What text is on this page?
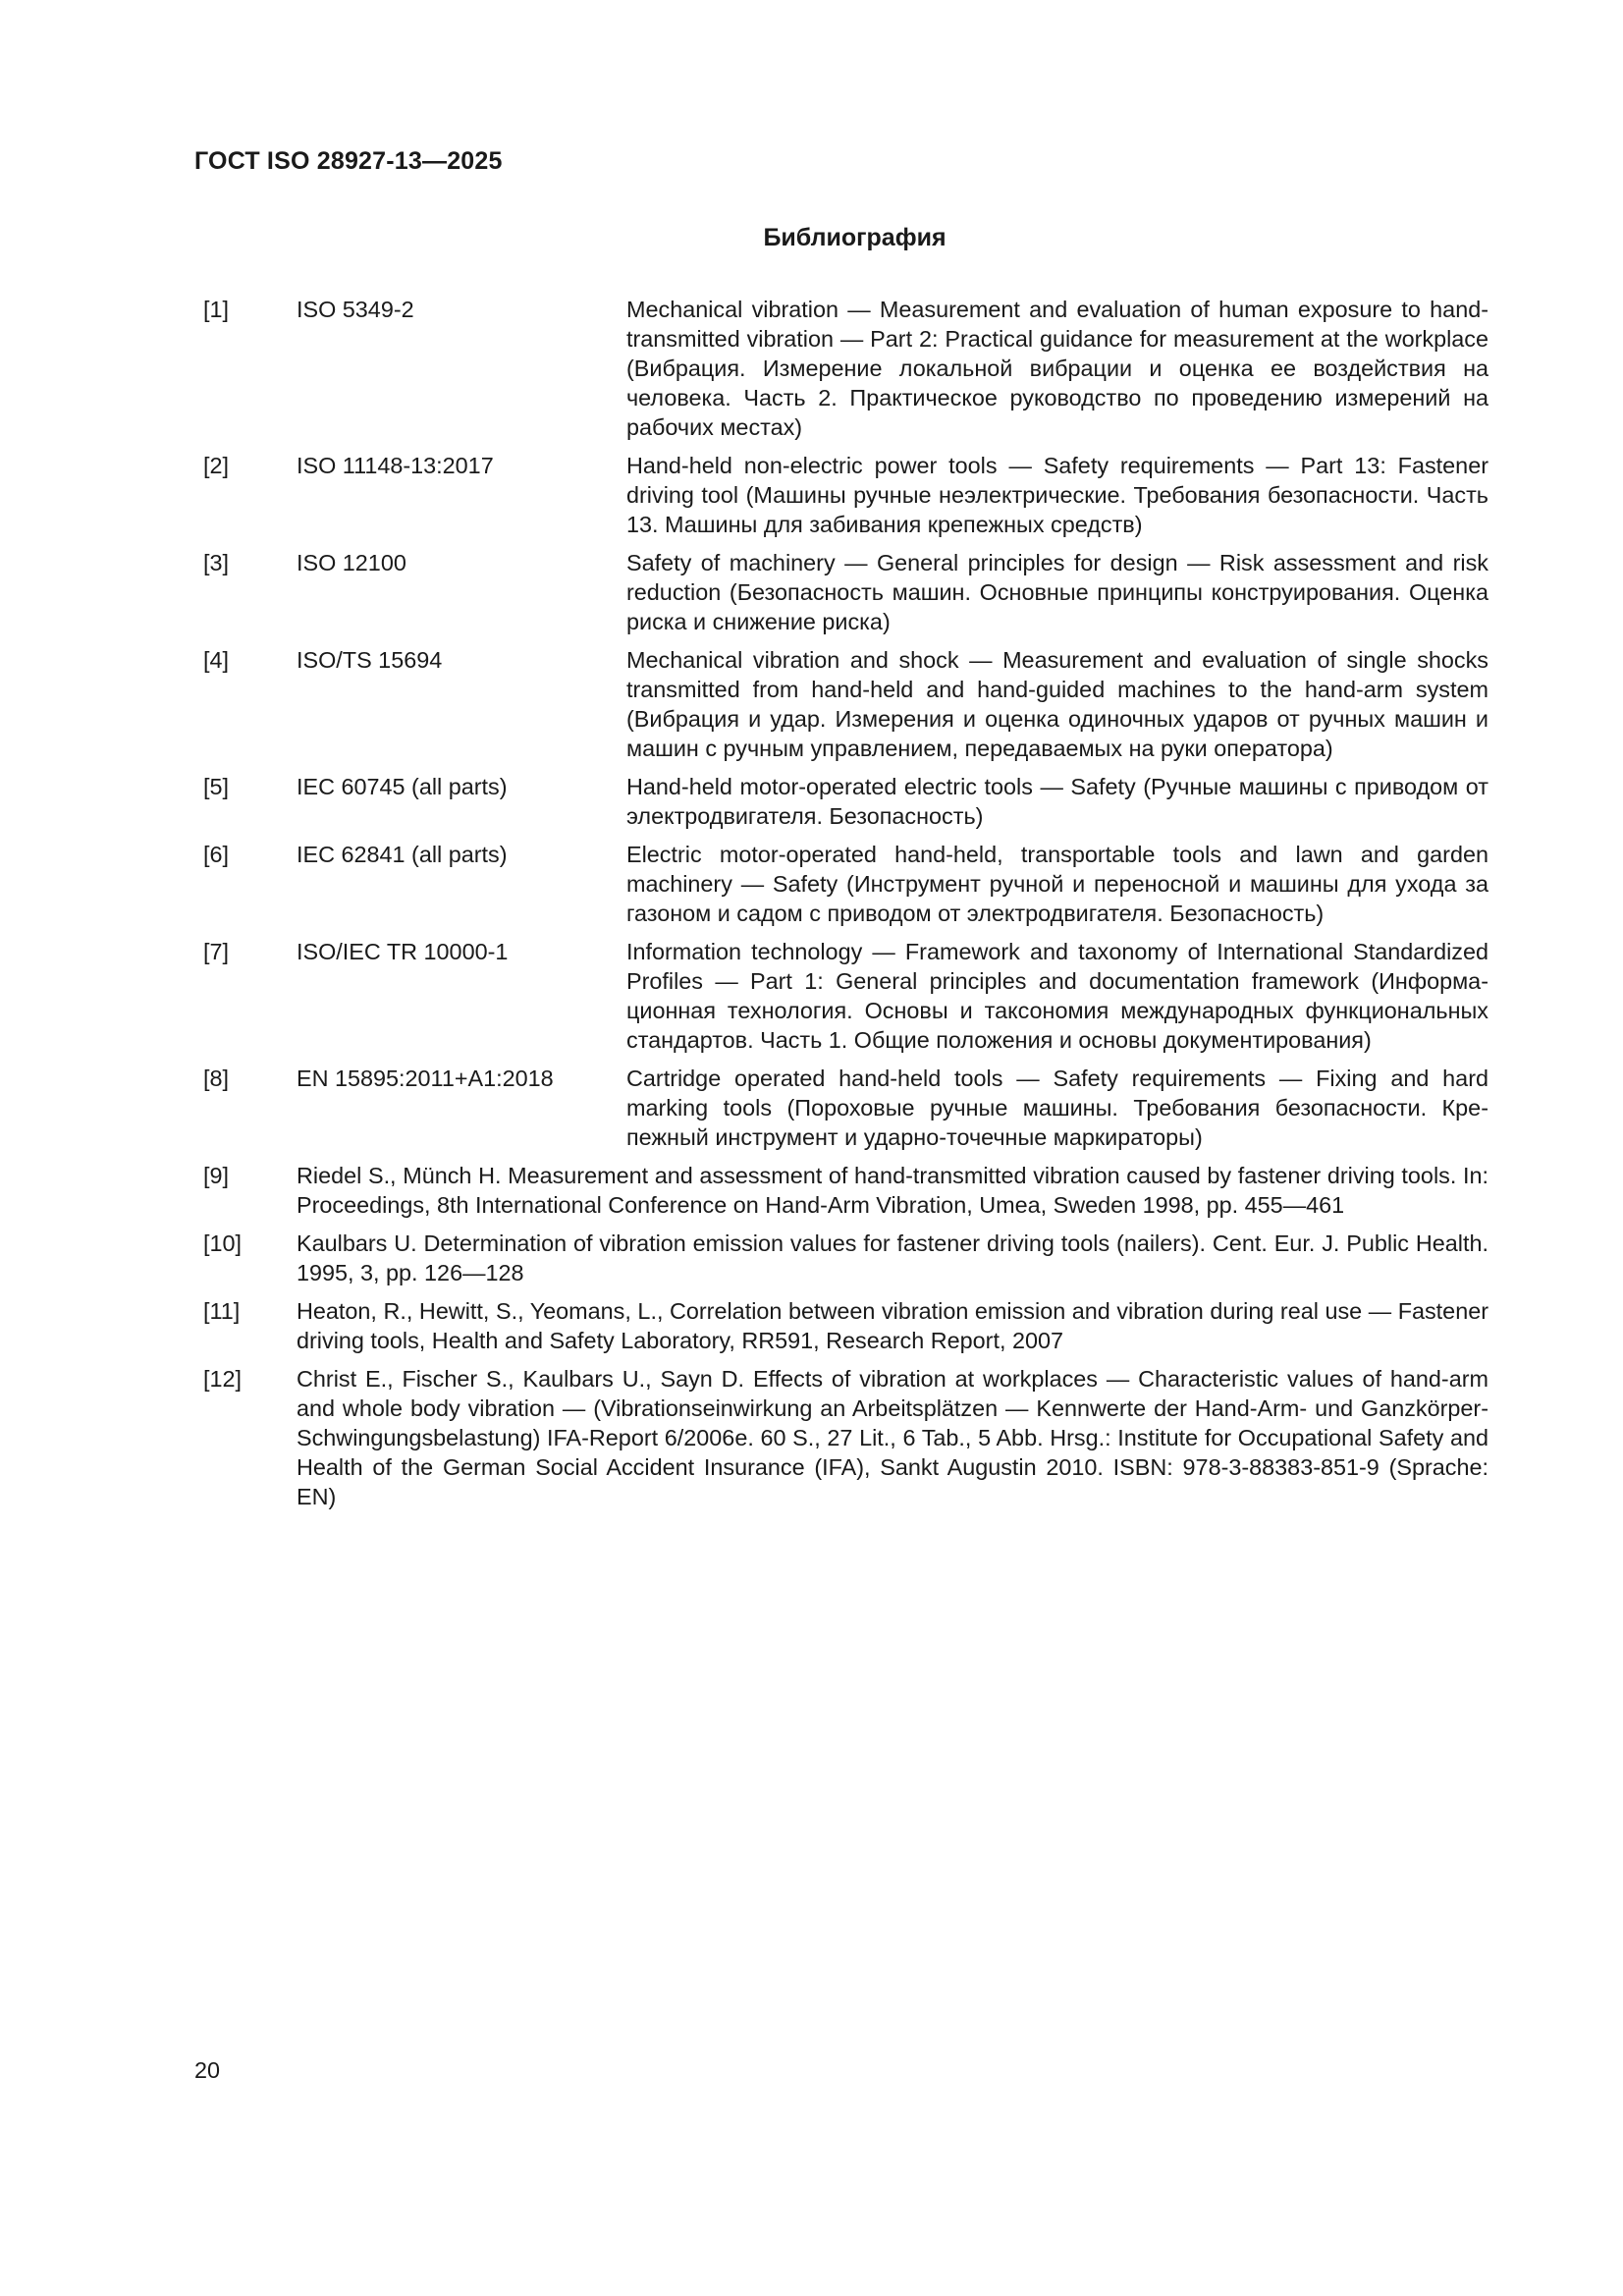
ГОСТ ISO 28927-13—2025
Библиография
[1]	ISO 5349-2	Mechanical vibration — Measurement and evaluation of human exposure to hand-transmitted vibration — Part 2: Practical guidance for measurement at the workplace (Вибрация. Измерение локальной вибрации и оценка ее воздействия на человека. Часть 2. Практическое руководство по проведению измерений на рабочих местах)
[2]	ISO 11148-13:2017	Hand-held non-electric power tools — Safety requirements — Part 13: Fastener driving tool (Машины ручные неэлектрические. Требования безопасности. Часть 13. Машины для забивания крепежных средств)
[3]	ISO 12100	Safety of machinery — General principles for design — Risk assessment and risk reduction (Безопасность машин. Основные принципы конструирования. Оценка риска и снижение риска)
[4]	ISO/TS 15694	Mechanical vibration and shock — Measurement and evaluation of single shocks transmitted from hand-held and hand-guided machines to the hand-arm system (Вибрация и удар. Измерения и оценка одиночных ударов от ручных машин и машин с ручным управлением, передаваемых на руки оператора)
[5]	IEC 60745 (all parts)	Hand-held motor-operated electric tools — Safety (Ручные машины с приводом от электродвигателя. Безопасность)
[6]	IEC 62841 (all parts)	Electric motor-operated hand-held, transportable tools and lawn and garden machinery — Safety (Инструмент ручной и переносной и машины для ухода за газоном и садом с приводом от электродвигателя. Безопасность)
[7]	ISO/IEC TR 10000-1	Information technology — Framework and taxonomy of International Standardized Profiles — Part 1: General principles and documentation framework (Информационная технология. Основы и таксономия международных функциональных стандартов. Часть 1. Общие положения и основы документирования)
[8]	EN 15895:2011+A1:2018	Cartridge operated hand-held tools — Safety requirements — Fixing and hard marking tools (Пороховые ручные машины. Требования безопасности. Крепежный инструмент и ударно-точечные маркираторы)
[9]	Riedel S., Münch H. Measurement and assessment of hand-transmitted vibration caused by fastener driving tools. In: Proceedings, 8th International Conference on Hand-Arm Vibration, Umea, Sweden 1998, pp. 455—461
[10] Kaulbars U. Determination of vibration emission values for fastener driving tools (nailers). Cent. Eur. J. Public Health. 1995, 3, pp. 126—128
[11] Heaton, R., Hewitt, S., Yeomans, L., Correlation between vibration emission and vibration during real use — Fastener driving tools, Health and Safety Laboratory, RR591, Research Report, 2007
[12] Christ E., Fischer S., Kaulbars U., Sayn D. Effects of vibration at workplaces — Characteristic values of hand-arm and whole body vibration — (Vibrationseinwirkung an Arbeitsplätzen — Kennwerte der Hand-Arm- und Ganzkörper-Schwingungsbelastung) IFA-Report 6/2006e. 60 S., 27 Lit., 6 Tab., 5 Abb. Hrsg.: Institute for Occupational Safety and Health of the German Social Accident Insurance (IFA), Sankt Augustin 2010. ISBN: 978-3-88383-851-9 (Sprache: EN)
20
